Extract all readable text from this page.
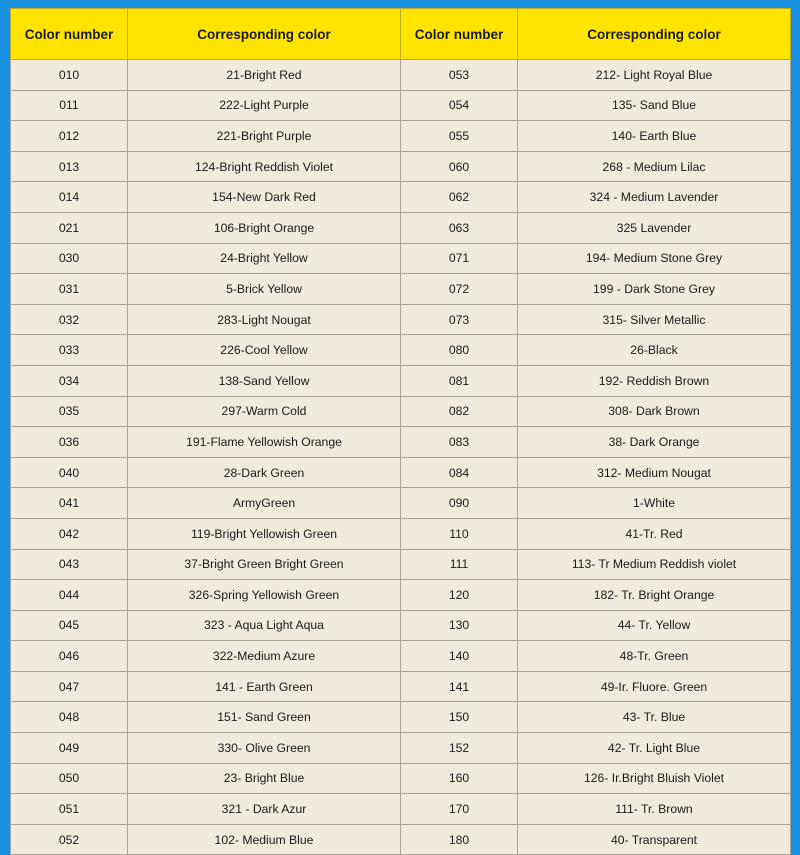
Color number	Corresponding color	Color number	Corresponding color
010	21-Bright Red	053	212- Light Royal Blue
011	222-Light Purple	054	135- Sand Blue
012	221-Bright Purple	055	140- Earth Blue
013	124-Bright Reddish Violet	060	268 - Medium Lilac
014	154-New Dark Red	062	324 - Medium Lavender
021	106-Bright Orange	063	325 Lavender
030	24-Bright Yellow	071	194- Medium Stone Grey
031	5-Brick Yellow	072	199 - Dark Stone Grey
032	283-Light Nougat	073	315- Silver Metallic
033	226-Cool Yellow	080	26-Black
034	138-Sand Yellow	081	192- Reddish Brown
035	297-Warm Cold	082	308- Dark Brown
036	191-Flame Yellowish Orange	083	38- Dark Orange
040	28-Dark Green	084	312- Medium Nougat
041	ArmyGreen	090	1-White
042	119-Bright Yellowish Green	110	41-Tr. Red
043	37-Bright Green Bright Green	111	113- Tr Medium Reddish violet
044	326-Spring Yellowish Green	120	182- Tr. Bright Orange
045	323 - Aqua Light Aqua	130	44- Tr. Yellow
046	322-Medium Azure	140	48-Tr. Green
047	141 - Earth Green	141	49-Ir. Fluore. Green
048	151- Sand Green	150	43- Tr. Blue
049	330- Olive Green	152	42- Tr. Light Blue
050	23- Bright Blue	160	126- Ir.Bright Bluish Violet
051	321 - Dark Azur	170	111- Tr. Brown
052	102- Medium Blue	180	40- Transparent
